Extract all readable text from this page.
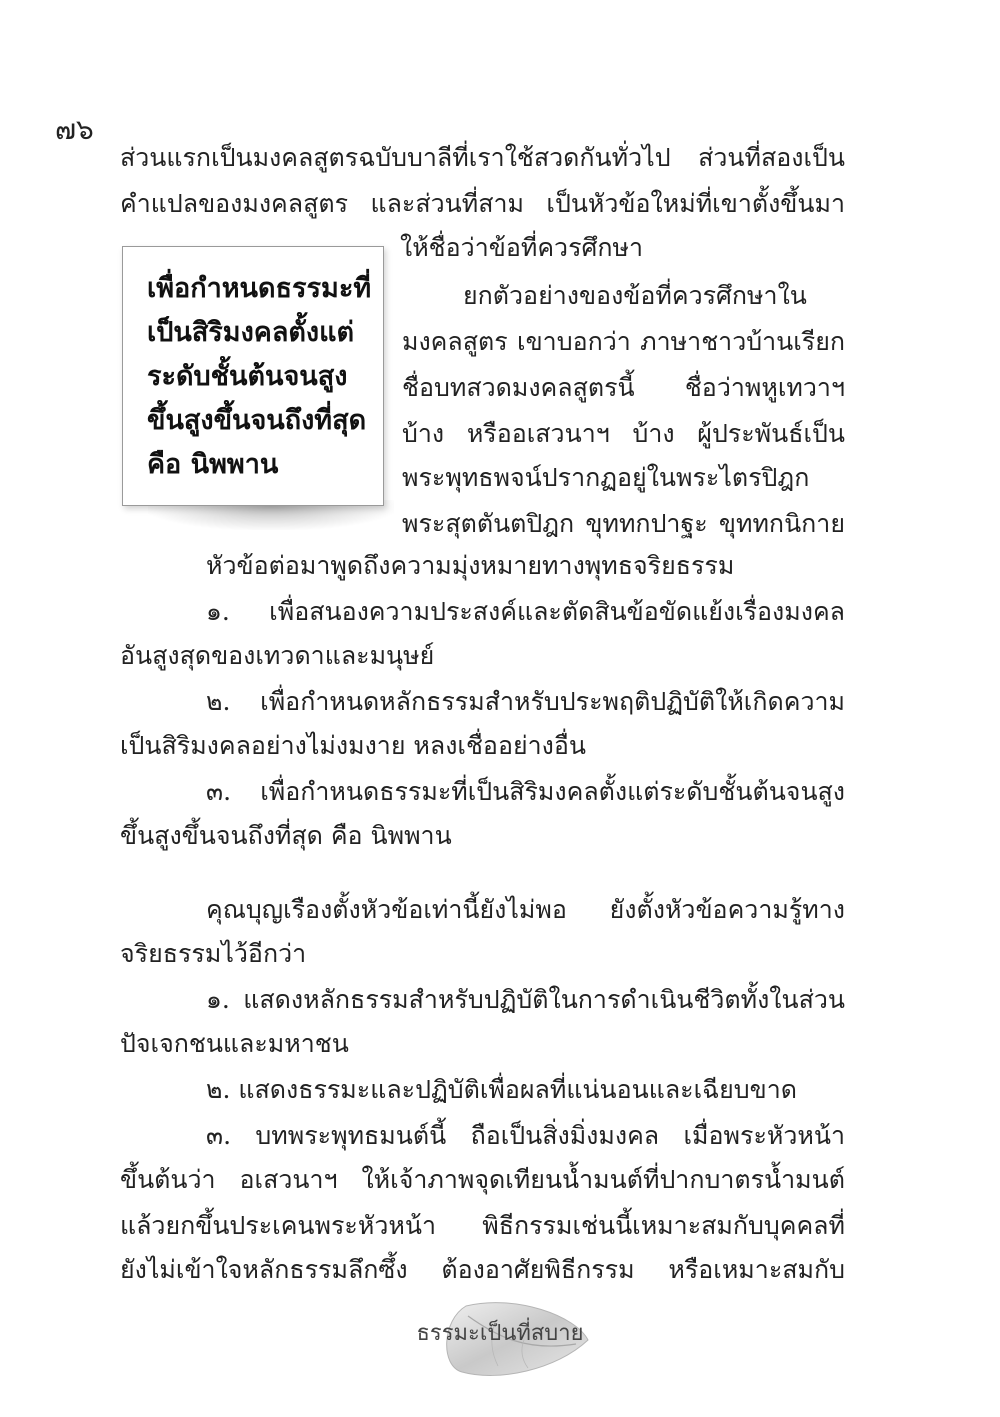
๗๖

ส่วนแรกเป็นมงคลสูตรฉบับบาลีที่เราใช้สวดกันทั่วไป ส่วนที่สองเป็น

คำแปลของมงคลสูตร และส่วนที่สาม เป็นหัวข้อใหม่ที่เขาตั้งขึ้นมา

ให้ชื่อว่าข้อที่ควรศึกษา

ยกตัวอย่างของข้อที่ควรศึกษาใน

มงคลสูตร เขาบอกว่า ภาษาชาวบ้านเรียก

ชื่อบทสวดมงคลสูตรนี้ ชื่อว่าพหูเทวาฯ

บ้าง หรืออเสวนาฯ บ้าง ผู้ประพันธ์เป็น

พระพุทธพจน์ปรากฏอยู่ในพระไตรปิฎก

พระสุตตันตปิฎก ขุททกปาฐะ ขุททกนิกาย

เพื่อกำหนดธรรมะที่

เป็นสิริมงคลตั้งแต่

ระดับชั้นต้นจนสูง

ขึ้นสูงขึ้นจนถึงที่สุด

คือ นิพพาน

หัวข้อต่อมาพูดถึงความมุ่งหมายทางพุทธจริยธรรม

๑. เพื่อสนองความประสงค์และตัดสินข้อขัดแย้งเรื่องมงคล

อันสูงสุดของเทวดาและมนุษย์

๒. เพื่อกำหนดหลักธรรมสำหรับประพฤติปฏิบัติให้เกิดความ

เป็นสิริมงคลอย่างไม่งมงาย หลงเชื่ออย่างอื่น

๓. เพื่อกำหนดธรรมะที่เป็นสิริมงคลตั้งแต่ระดับชั้นต้นจนสูง

ขึ้นสูงขึ้นจนถึงที่สุด คือ นิพพาน

คุณบุญเรืองตั้งหัวข้อเท่านี้ยังไม่พอ ยังตั้งหัวข้อความรู้ทาง

จริยธรรมไว้อีกว่า

๑. แสดงหลักธรรมสำหรับปฏิบัติในการดำเนินชีวิตทั้งในส่วน

ปัจเจกชนและมหาชน

๒. แสดงธรรมะและปฏิบัติเพื่อผลที่แน่นอนและเฉียบขาด

๓. บทพระพุทธมนต์นี้ ถือเป็นสิ่งมิ่งมงคล เมื่อพระหัวหน้า

ขึ้นต้นว่า อเสวนาฯ ให้เจ้าภาพจุดเทียนน้ำมนต์ที่ปากบาตรน้ำมนต์

แล้วยกขึ้นประเคนพระหัวหน้า พิธีกรรมเช่นนี้เหมาะสมกับบุคคลที่

ยังไม่เข้าใจหลักธรรมลึกซึ้ง ต้องอาศัยพิธีกรรม หรือเหมาะสมกับ

ธรรมะเป็นที่สบาย
